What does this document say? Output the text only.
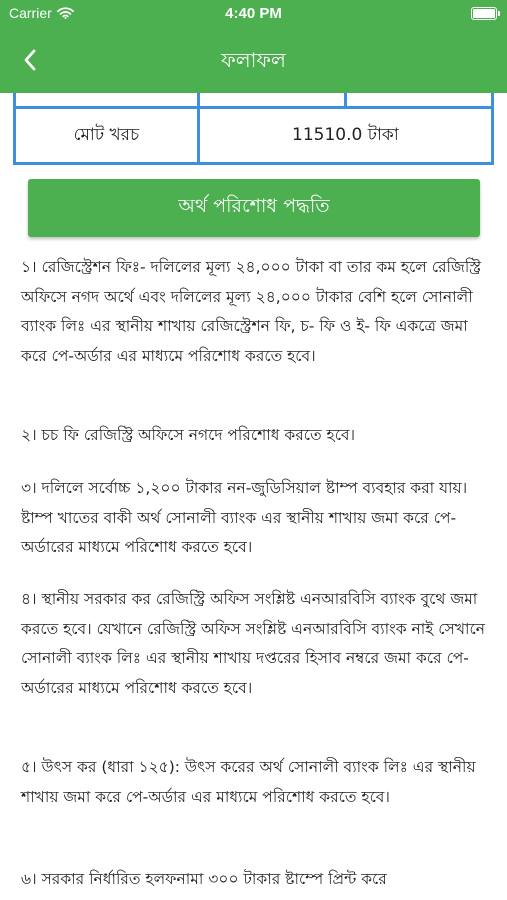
Carrier	4:40 PM
ফলাফল

মোট খরচ	11510.0 টাকা	
অর্থ পরিশোধ পদ্ধতি

১। রেজিস্ট্রেশন ফিঃ- দলিলের মূল্য ২৪,০০০ টাকা বা তার কম হলে রেজিস্ট্রি অফিসে নগদ অর্থে এবং দলিলের মূল্য ২৪,০০০ টাকার বেশি হলে সোনালী ব্যাংক লিঃ এর স্থানীয় শাখায় রেজিস্ট্রেশন ফি, চ- ফি ও ই- ফি একত্রে জমা করে পে-অর্ডার এর মাধ্যমে পরিশোধ করতে হবে।

২। চচ ফি রেজিস্ট্রি অফিসে নগদে পরিশোধ করতে হবে।

৩। দলিলে সর্বোচ্চ ১,২০০ টাকার নন-জুডিসিয়াল ষ্টাম্প ব্যবহার করা যায়। ষ্টাম্প খাতের বাকী অর্থ সোনালী ব্যাংক এর স্থানীয় শাখায় জমা করে পে-অর্ডারের মাধ্যমে পরিশোধ করতে হবে।

৪। স্থানীয় সরকার কর রেজিস্ট্রি অফিস সংশ্লিষ্ট এনআরবিসি ব্যাংক বুথে জমা করতে হবে। যেখানে রেজিস্ট্রি অফিস সংশ্লিষ্ট এনআরবিসি ব্যাংক নাই সেখানে সোনালী ব্যাংক লিঃ এর স্থানীয় শাখায় দপ্তরের হিসাব নম্বরে জমা করে পে-অর্ডারের মাধ্যমে পরিশোধ করতে হবে।

৫। উৎস কর (ধারা ১২৫): উৎস করের অর্থ সোনালী ব্যাংক লিঃ এর স্থানীয় শাখায় জমা করে পে-অর্ডার এর মাধ্যমে পরিশোধ করতে হবে।

৬। সরকার নির্ধারিত হলফনামা ৩০০ টাকার ষ্টাম্পে প্রিন্ট করে
